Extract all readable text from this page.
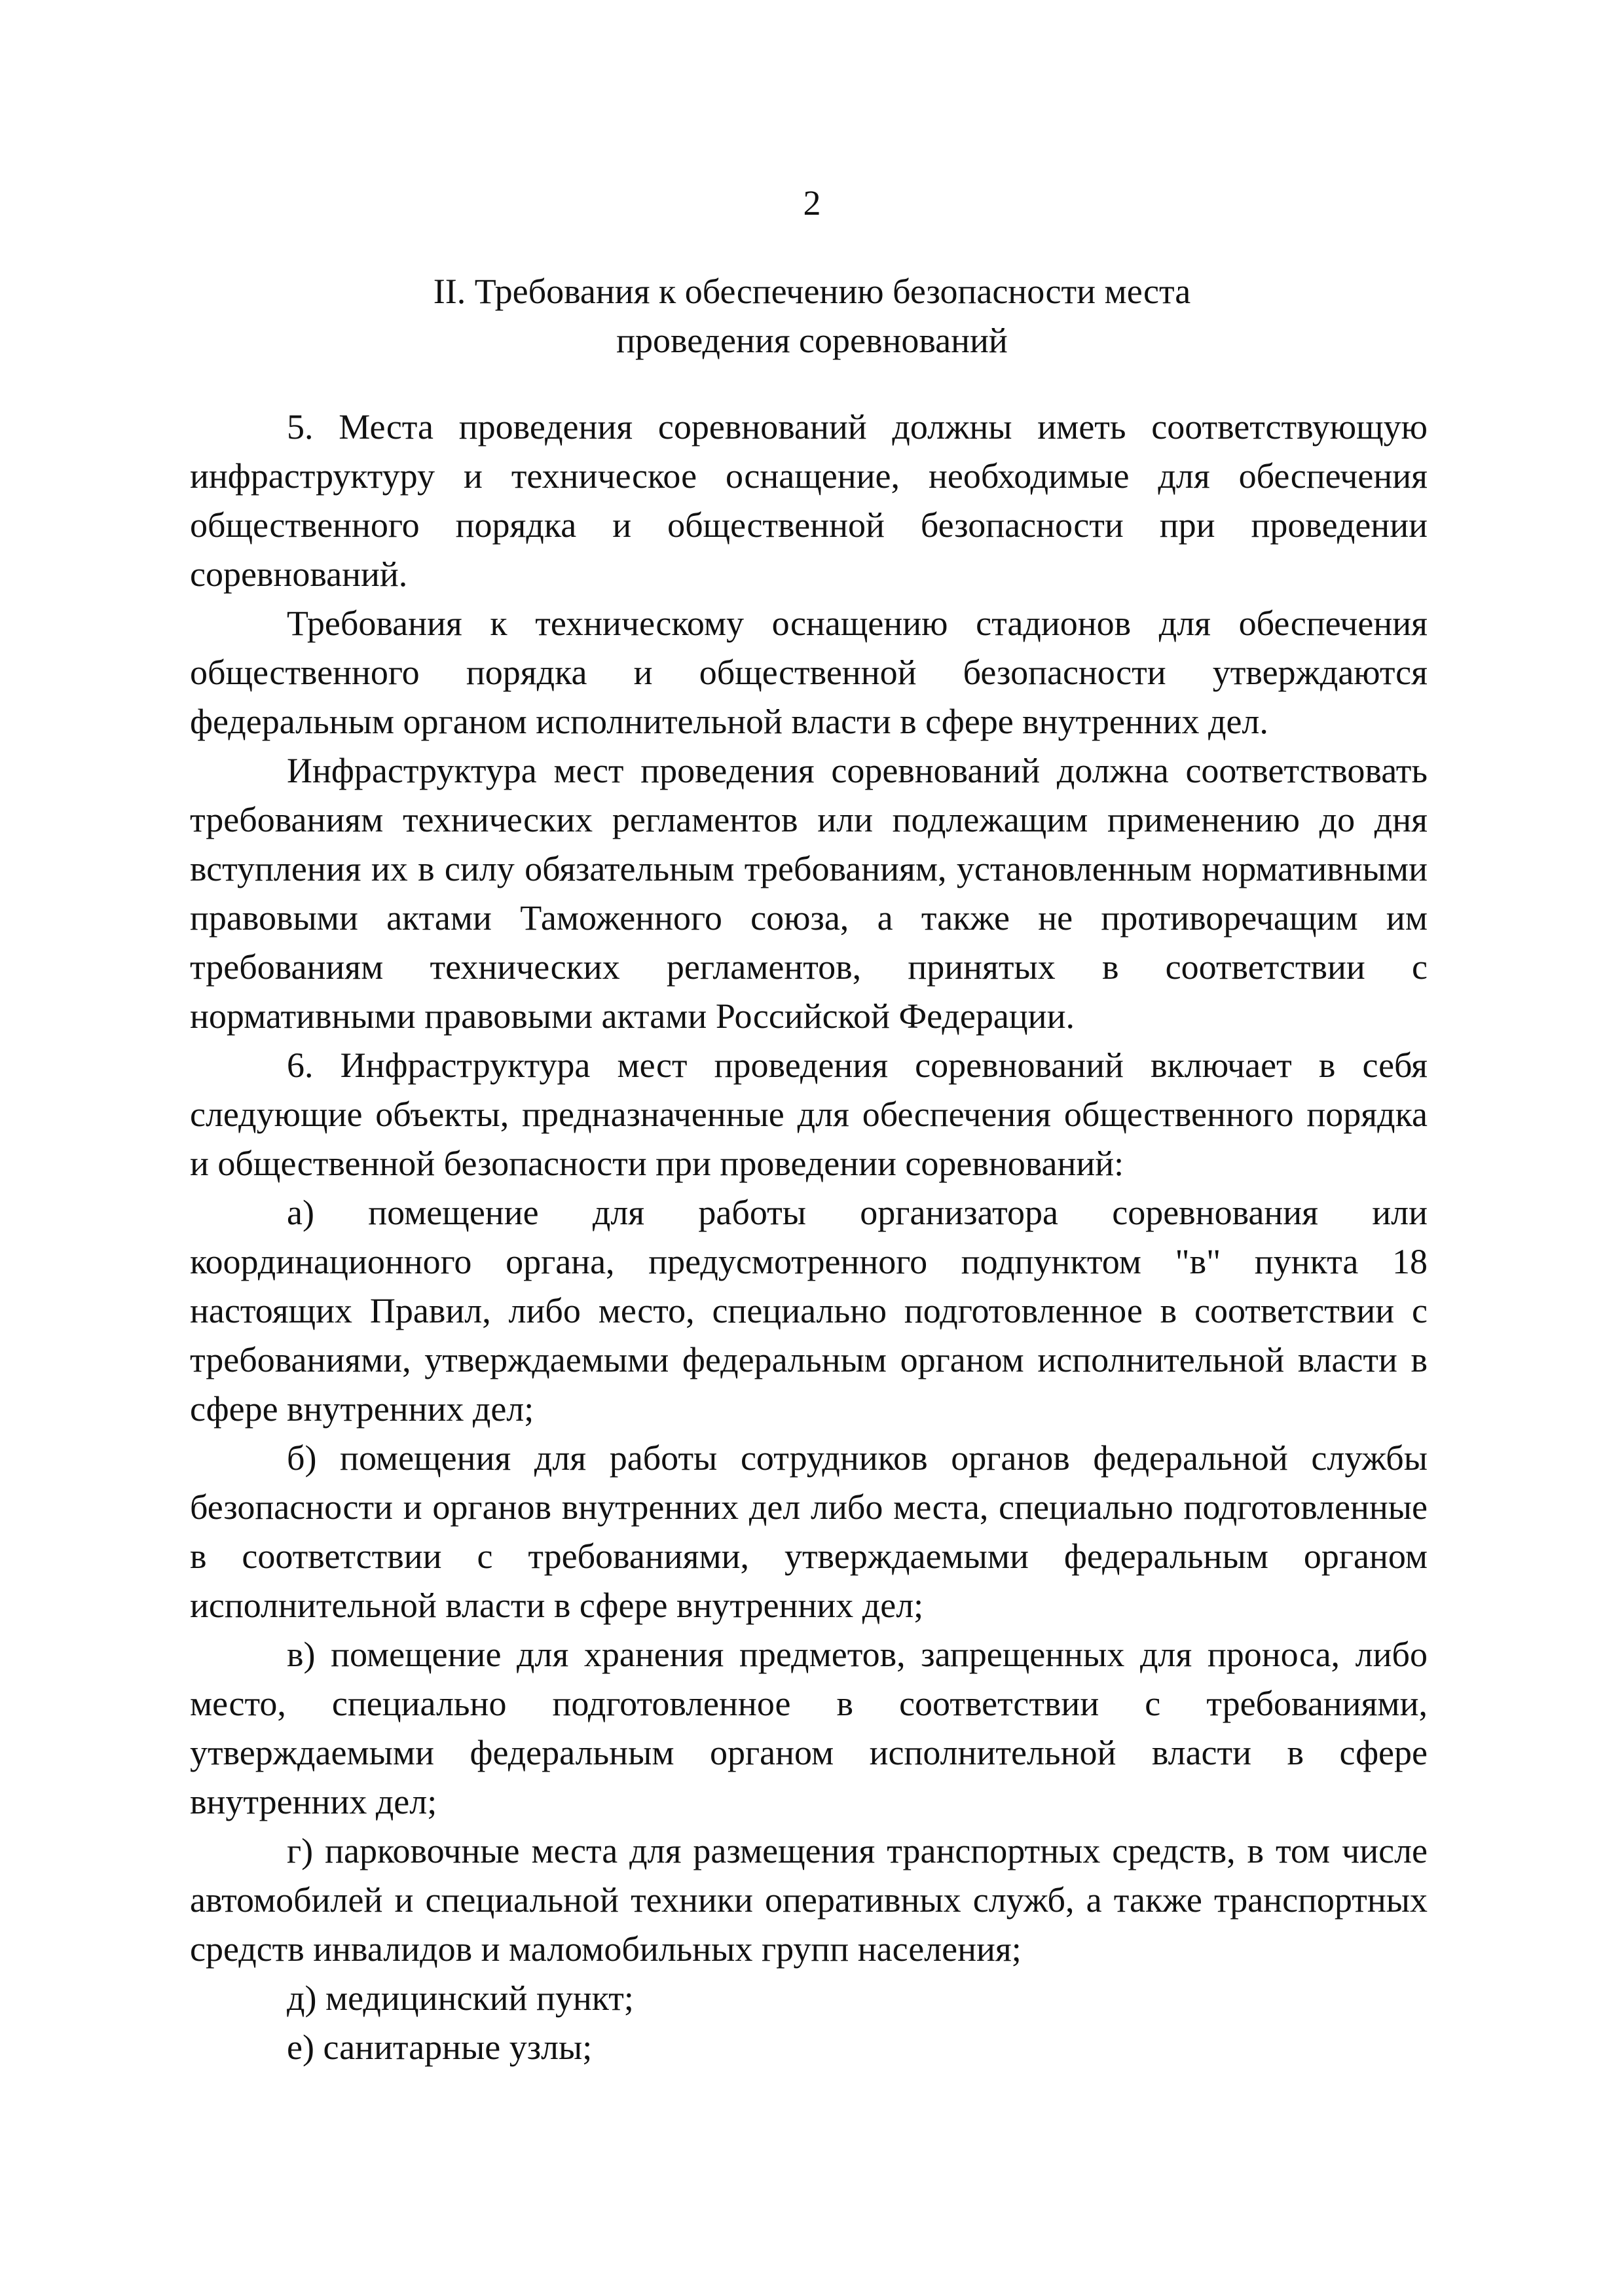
2
II. Требования к обеспечению безопасности места
проведения соревнований

5. Места проведения соревнований должны иметь соответствующую инфраструктуру и техническое оснащение, необходимые для обеспечения общественного порядка и общественной безопасности при проведении соревнований.

Требования к техническому оснащению стадионов для обеспечения общественного порядка и общественной безопасности утверждаются федеральным органом исполнительной власти в сфере внутренних дел.

Инфраструктура мест проведения соревнований должна соответствовать требованиям технических регламентов или подлежащим применению до дня вступления их в силу обязательным требованиям, установленным нормативными правовыми актами Таможенного союза, а также не противоречащим им требованиям технических регламентов, принятых в соответствии с нормативными правовыми актами Российской Федерации.

6. Инфраструктура мест проведения соревнований включает в себя следующие объекты, предназначенные для обеспечения общественного порядка и общественной безопасности при проведении соревнований:

а) помещение для работы организатора соревнования или координационного органа, предусмотренного подпунктом "в" пункта 18 настоящих Правил, либо место, специально подготовленное в соответствии с требованиями, утверждаемыми федеральным органом исполнительной власти в сфере внутренних дел;

б) помещения для работы сотрудников органов федеральной службы безопасности и органов внутренних дел либо места, специально подготовленные в соответствии с требованиями, утверждаемыми федеральным органом исполнительной власти в сфере внутренних дел;

в) помещение для хранения предметов, запрещенных для проноса, либо место, специально подготовленное в соответствии с требованиями, утверждаемыми федеральным органом исполнительной власти в сфере внутренних дел;

г) парковочные места для размещения транспортных средств, в том числе автомобилей и специальной техники оперативных служб, а также транспортных средств инвалидов и маломобильных групп населения;

д) медицинский пункт;

е) санитарные узлы;
